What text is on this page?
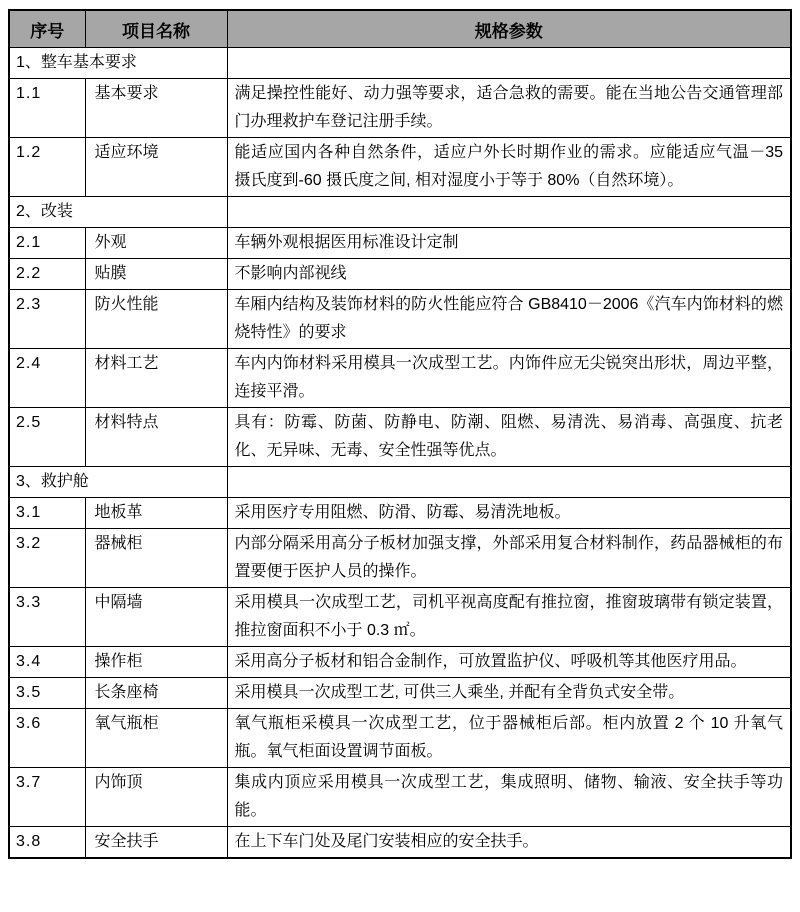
序号	项目名称	规格参数
1、整车基本要求		
1.1	基本要求	满足操控性能好、动力强等要求，适合急救的需要。能在当地公告交通管理部门办理救护车登记注册手续。
1.2	适应环境	能适应国内各种自然条件，适应户外长时期作业的需求。应能适应气温－35 摄氏度到-60 摄氏度之间, 相对湿度小于等于 80%（自然环境）。
2、改装		
2.1	外观	车辆外观根据医用标准设计定制
2.2	贴膜	不影响内部视线
2.3	防火性能	车厢内结构及装饰材料的防火性能应符合 GB8410－2006《汽车内饰材料的燃烧特性》的要求
2.4	材料工艺	车内内饰材料采用模具一次成型工艺。内饰件应无尖锐突出形状，周边平整，连接平滑。
2.5	材料特点	具有：防霉、防菌、防静电、防潮、阻燃、易清洗、易消毒、高强度、抗老化、无异味、无毒、安全性强等优点。
3、救护舱		
3.1	地板革	采用医疗专用阻燃、防滑、防霉、易清洗地板。
3.2	器械柜	内部分隔采用高分子板材加强支撑，外部采用复合材料制作，药品器械柜的布置要便于医护人员的操作。
3.3	中隔墙	采用模具一次成型工艺，司机平视高度配有推拉窗，推窗玻璃带有锁定装置，推拉窗面积不小于 0.3 ㎡。
3.4	操作柜	采用高分子板材和铝合金制作，可放置监护仪、呼吸机等其他医疗用品。
3.5	长条座椅	采用模具一次成型工艺, 可供三人乘坐, 并配有全背负式安全带。
3.6	氧气瓶柜	氧气瓶柜采模具一次成型工艺，位于器械柜后部。柜内放置 2 个 10 升氧气瓶。氧气柜面设置调节面板。
3.7	内饰顶	集成内顶应采用模具一次成型工艺，集成照明、储物、输液、安全扶手等功能。
3.8	安全扶手	在上下车门处及尾门安装相应的安全扶手。
